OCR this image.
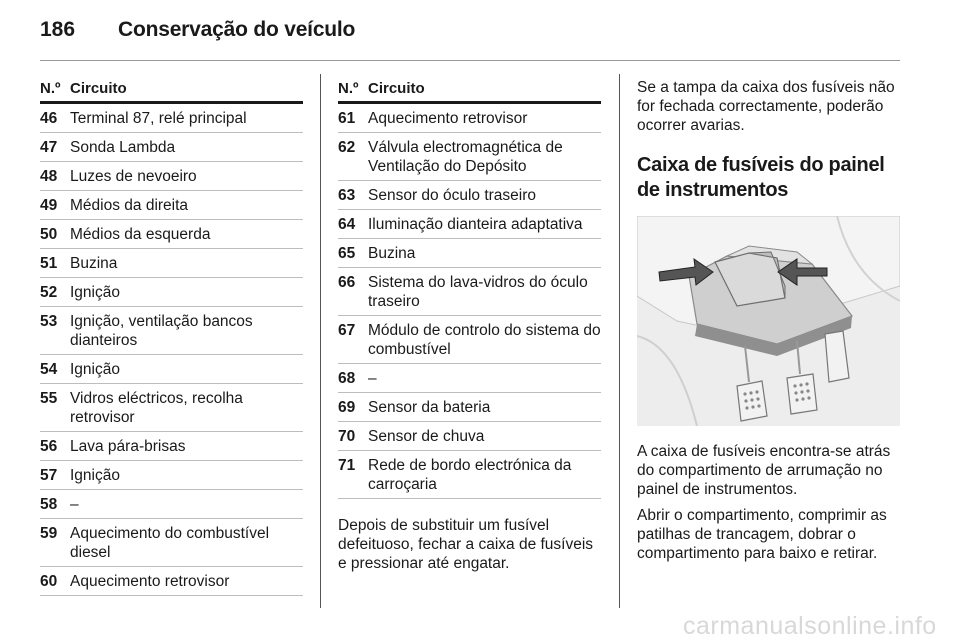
186 Conservação do veículo
N.º Circuito
46 Terminal 87, relé principal
47 Sonda Lambda
48 Luzes de nevoeiro
49 Médios da direita
50 Médios da esquerda
51 Buzina
52 Ignição
53 Ignição, ventilação bancos dianteiros
54 Ignição
55 Vidros eléctricos, recolha retrovisor
56 Lava pára-brisas
57 Ignição
58 –
59 Aquecimento do combustível diesel
60 Aquecimento retrovisor
N.º Circuito
61 Aquecimento retrovisor
62 Válvula electromagnética de Ventilação do Depósito
63 Sensor do óculo traseiro
64 Iluminação dianteira adaptativa
65 Buzina
66 Sistema do lava-vidros do óculo traseiro
67 Módulo de controlo do sistema do combustível
68 –
69 Sensor da bateria
70 Sensor de chuva
71 Rede de bordo electrónica da carroçaria

Depois de substituir um fusível defeituoso, fechar a caixa de fusíveis e pressionar até engatar.

Se a tampa da caixa dos fusíveis não for fechada correctamente, poderão ocorrer avarias.

Caixa de fusíveis do painel de instrumentos

A caixa de fusíveis encontra-se atrás do compartimento de arrumação no painel de instrumentos.

Abrir o compartimento, comprimir as patilhas de trancagem, dobrar o compartimento para baixo e retirar.

carmanualsonline.info
